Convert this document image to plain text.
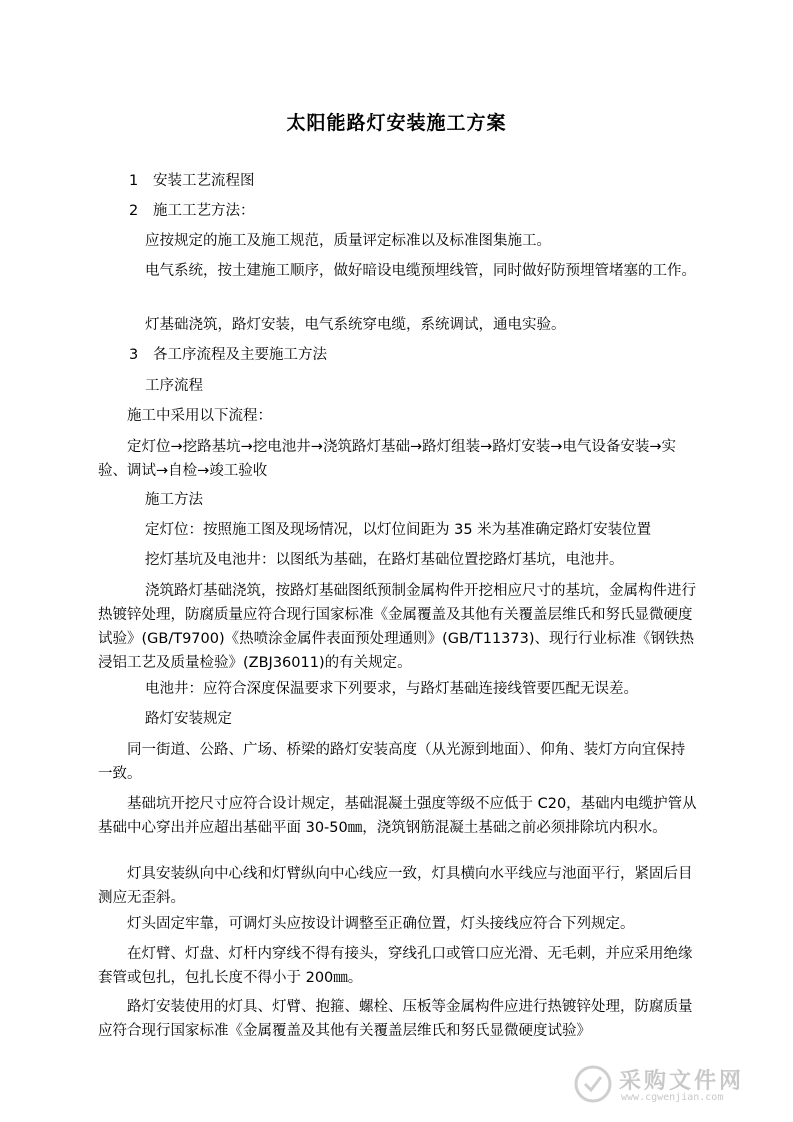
太阳能路灯安装施工方案

1 安装工艺流程图

2 施工工艺方法：

应按规定的施工及施工规范，质量评定标准以及标准图集施工。

电气系统，按土建施工顺序，做好暗设电缆预埋线管，同时做好防预埋管堵塞的工作。

灯基础浇筑，路灯安装，电气系统穿电缆，系统调试，通电实验。

3 各工序流程及主要施工方法

工序流程

施工中采用以下流程：

定灯位→挖路基坑→挖电池井→浇筑路灯基础→路灯组装→路灯安装→电气设备安装→实验、调试→自检→竣工验收

施工方法

定灯位：按照施工图及现场情况，以灯位间距为 35 米为基准确定路灯安装位置

挖灯基坑及电池井：以图纸为基础，在路灯基础位置挖路灯基坑，电池井。

浇筑路灯基础浇筑，按路灯基础图纸预制金属构件开挖相应尺寸的基坑，金属构件进行热镀锌处理，防腐质量应符合现行国家标准《金属覆盖及其他有关覆盖层维氏和努氏显微硬度试验》(GB/T9700)《热喷涂金属件表面预处理通则》(GB/T11373)、现行行业标准《钢铁热浸铝工艺及质量检验》(ZBJ36011)的有关规定。

电池井：应符合深度保温要求下列要求，与路灯基础连接线管要匹配无误差。

路灯安装规定

同一街道、公路、广场、桥梁的路灯安装高度（从光源到地面）、仰角、装灯方向宜保持一致。

基础坑开挖尺寸应符合设计规定，基础混凝土强度等级不应低于 C20，基础内电缆护管从基础中心穿出并应超出基础平面 30-50㎜，浇筑钢筋混凝土基础之前必须排除坑内积水。

灯具安装纵向中心线和灯臂纵向中心线应一致，灯具横向水平线应与池面平行，紧固后目测应无歪斜。

灯头固定牢靠，可调灯头应按设计调整至正确位置，灯头接线应符合下列规定。

在灯臂、灯盘、灯杆内穿线不得有接头，穿线孔口或管口应光滑、无毛刺，并应采用绝缘套管或包扎，包扎长度不得小于 200㎜。

路灯安装使用的灯具、灯臂、抱箍、螺栓、压板等金属构件应进行热镀锌处理，防腐质量应符合现行国家标准《金属覆盖及其他有关覆盖层维氏和努氏显微硬度试验》

采购文件网
www.cgwenjian.com
